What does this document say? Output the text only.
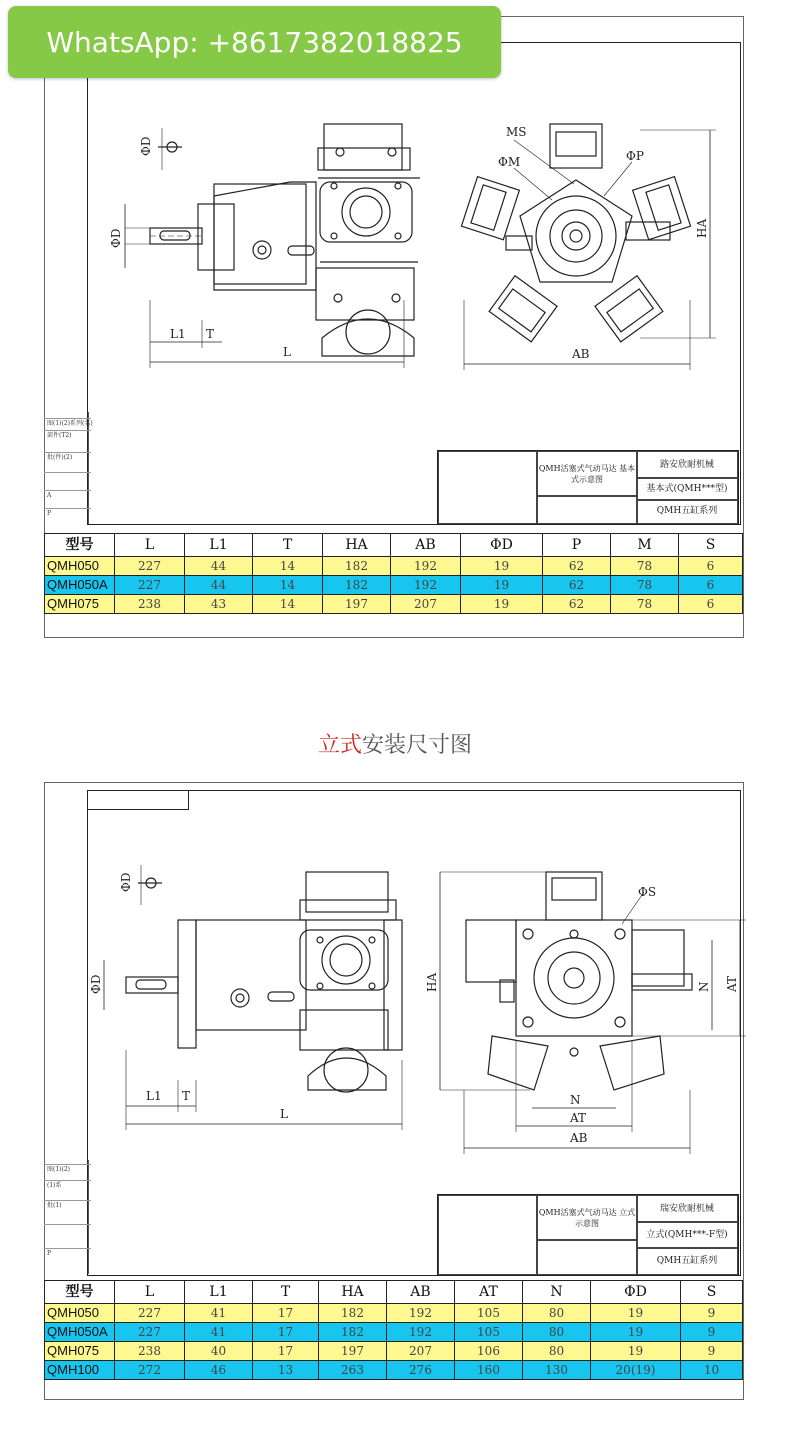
图(1)(2)系列(名)
部件(T2)
批(件)(2)
A
P
L
L1 T
AB
HA
ΦD
ΦD
MS
ΦM	ΦP
QMH活塞式气动马达 基本式示意图
路安欣耐机械
基本式(QMH***型)
QMH五缸系列
型号	L	L1	T	HA	AB	ΦD	P	M	S
QMH050	227	44	14	182	192	19	62	78	6
QMH050A	227	44	14	182	192	19	62	78	6
QMH075	238	43	14	197	207	19	62	78	6
WhatsApp: +8617382018825
立式安装尺寸图
图(1)(2)
(1)系
批(1)
P
L
L1 T
AB
AT
N
ΦS
HA	AT
N
ΦD
ΦD
QMH活塞式气动马达 立式示意图
瑞安欣耐机械
立式(QMH***-F型)
QMH五缸系列
型号	L	L1	T	HA	AB	AT	N	ΦD	S
QMH050	227	41	17	182	192	105	80	19	9
QMH050A	227	41	17	182	192	105	80	19	9
QMH075	238	40	17	197	207	106	80	19	9
QMH100	272	46	13	263	276	160	130	20(19)	10
